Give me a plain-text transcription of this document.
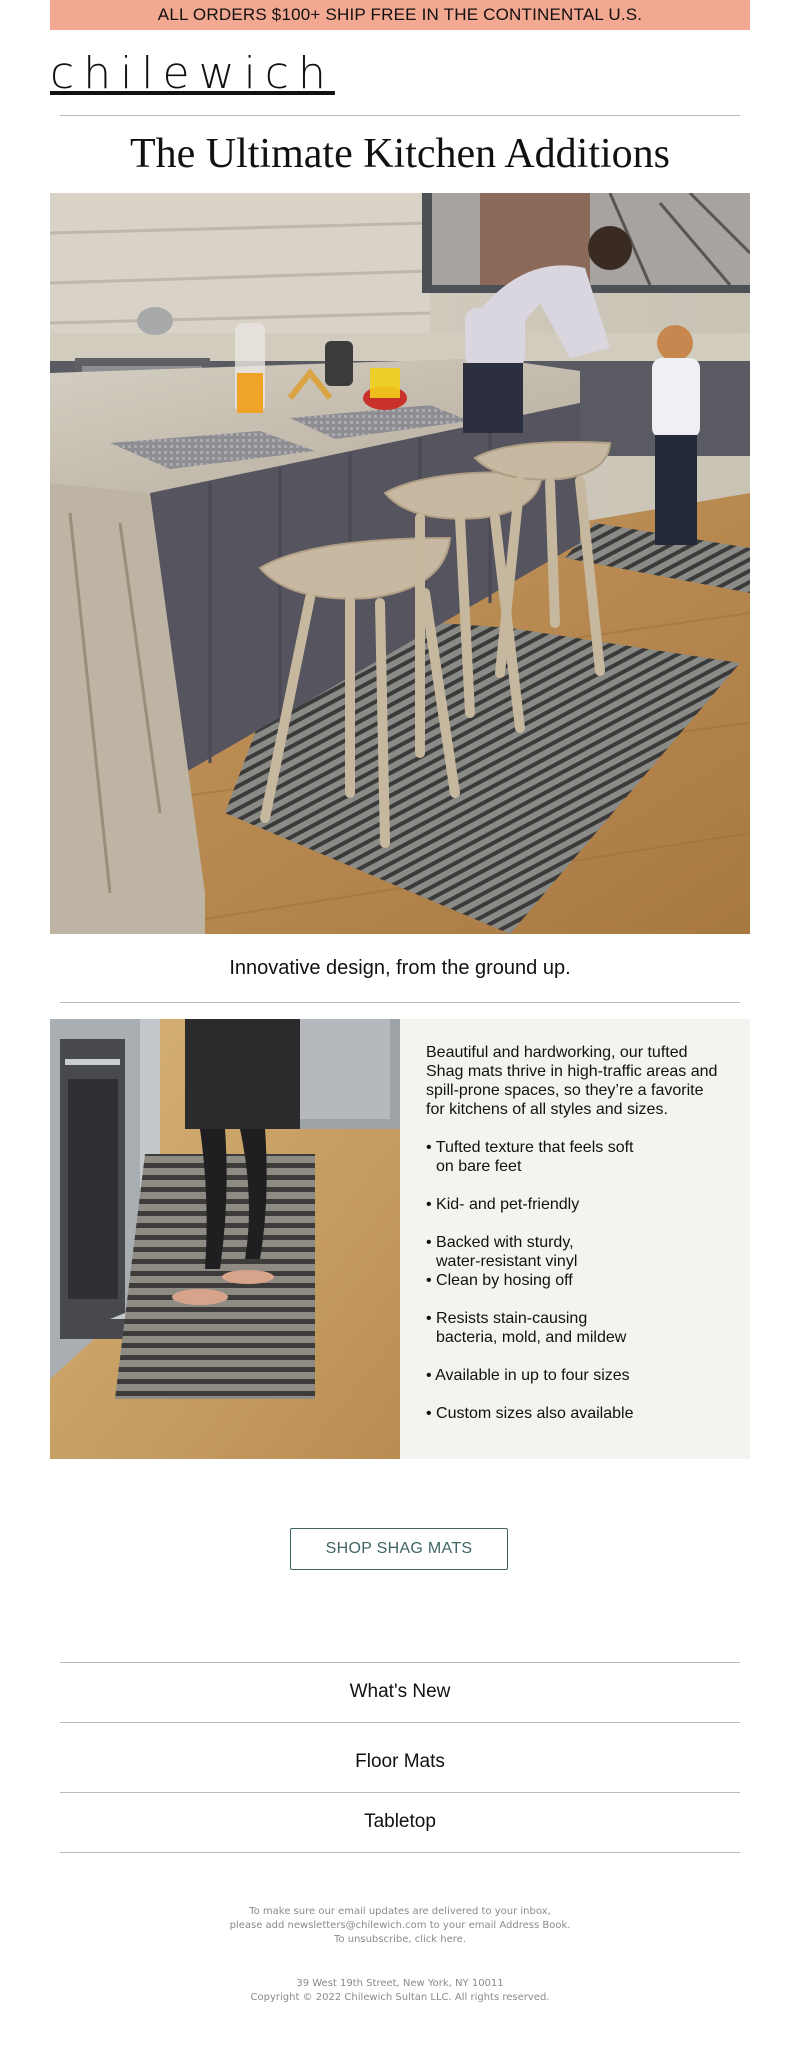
ALL ORDERS $100+ SHIP FREE IN THE CONTINENTAL U.S.
chilewich
The Ultimate Kitchen Additions
Innovative design, from the ground up.

Beautiful and hardworking, our tufted Shag mats thrive in high-traffic areas and spill-prone spaces, so they’re a favorite for kitchens of all styles and sizes.

• Tufted texture that feels soft
on bare feet
• Kid- and pet-friendly
• Backed with sturdy,
water-resistant vinyl
• Clean by hosing off
• Resists stain-causing
bacteria, mold, and mildew
• Available in up to four sizes
• Custom sizes also available
SHOP SHAG MATS
What's New
Floor Mats
Tabletop
To make sure our email updates are delivered to your inbox,
please add newsletters@chilewich.com to your email Address Book.
To unsubscribe, click here.
39 West 19th Street, New York, NY 10011
Copyright © 2022 Chilewich Sultan LLC. All rights reserved.
